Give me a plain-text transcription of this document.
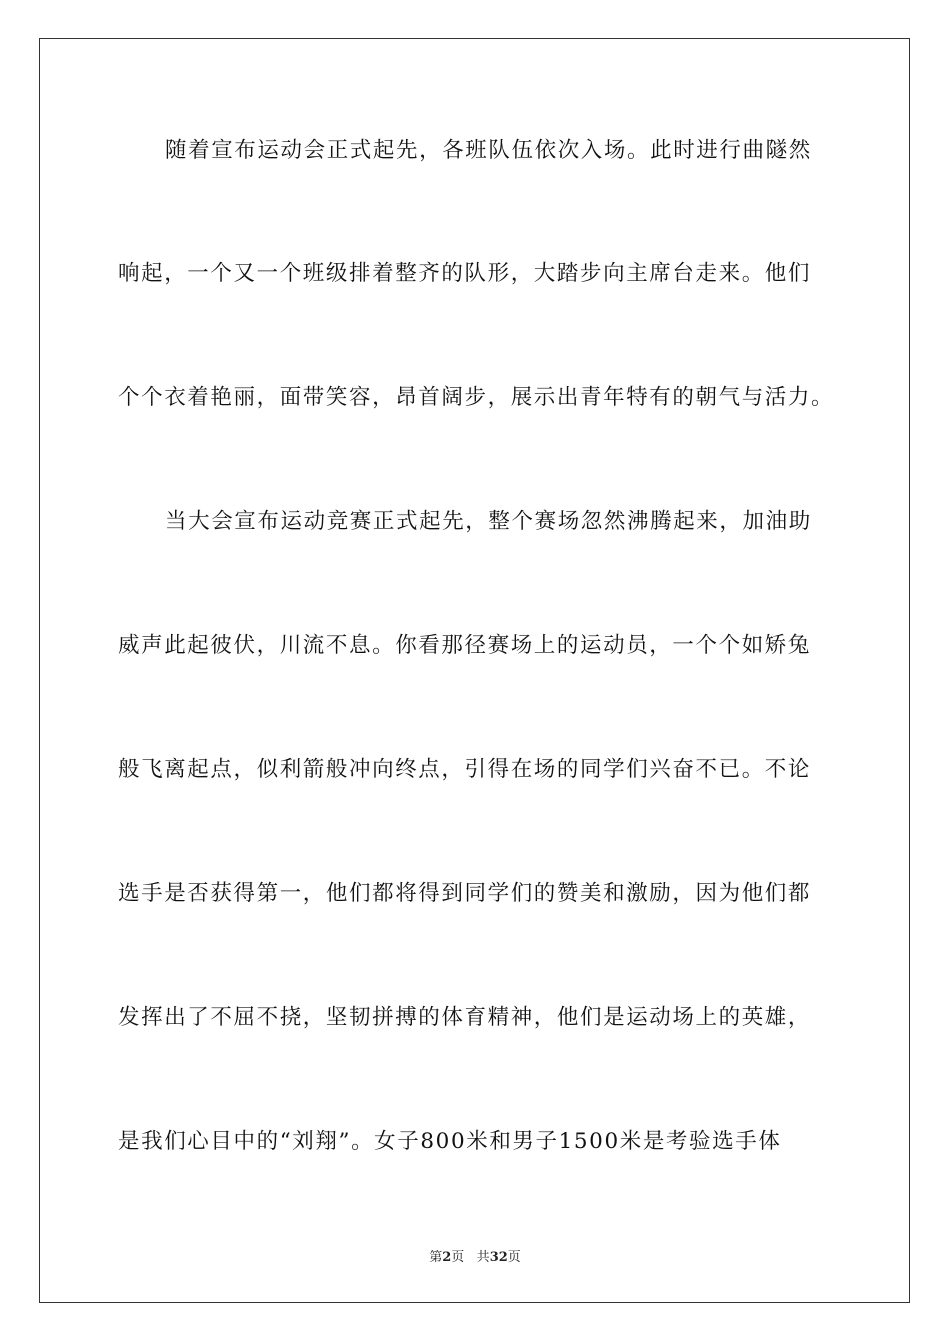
随着宣布运动会正式起先，各班队伍依次入场。此时进行曲隧然
响起，一个又一个班级排着整齐的队形，大踏步向主席台走来。他们
个个衣着艳丽，面带笑容，昂首阔步，展示出青年特有的朝气与活力。
当大会宣布运动竞赛正式起先，整个赛场忽然沸腾起来，加油助
威声此起彼伏，川流不息。你看那径赛场上的运动员，一个个如矫兔
般飞离起点，似利箭般冲向终点，引得在场的同学们兴奋不已。不论
选手是否获得第一，他们都将得到同学们的赞美和激励，因为他们都
发挥出了不屈不挠，坚韧拼搏的体育精神，他们是运动场上的英雄，
是我们心目中的“刘翔”。女子800米和男子1500米是考验选手体
第2页 共32页
